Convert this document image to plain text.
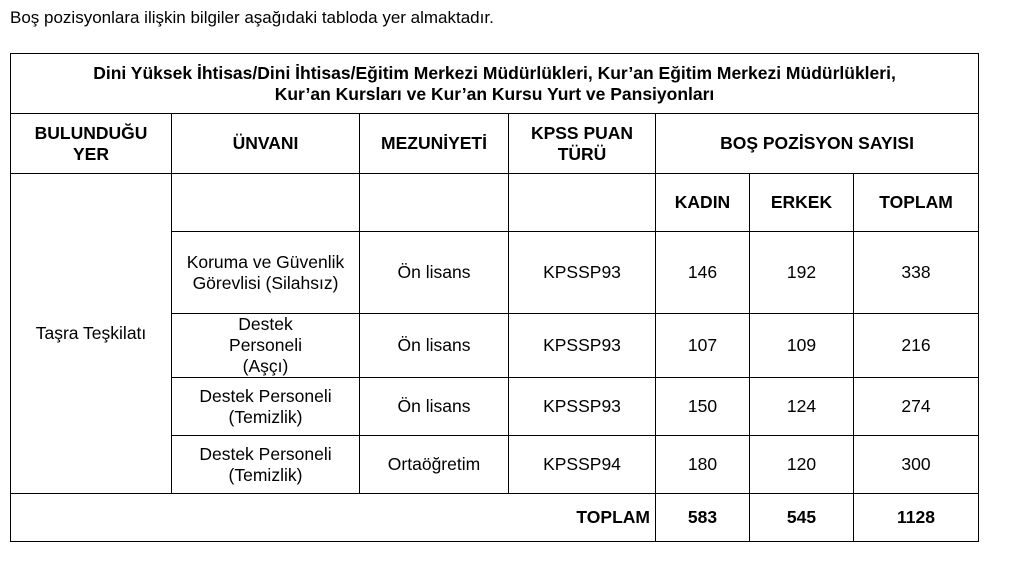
Boş pozisyonlara ilişkin bilgiler aşağıdaki tabloda yer almaktadır.
Dini Yüksek İhtisas/Dini İhtisas/Eğitim Merkezi Müdürlükleri, Kur’an Eğitim Merkezi Müdürlükleri,
Kur’an Kursları ve Kur’an Kursu Yurt ve Pansiyonları						

BULUNDUĞU YER	ÜNVANI	MEZUNİYETİ	KPSS PUAN TÜRÜ	BOŞ POZİSYON SAYISI		
Taşra Teşkilatı				KADIN	ERKEK	TOPLAM
	Koruma ve Güvenlik Görevlisi (Silahsız)	Ön lisans	KPSSP93	146	192	338
	Destek Personeli (Aşçı)	Ön lisans	KPSSP93	107	109	216
	Destek Personeli (Temizlik)	Ön lisans	KPSSP93	150	124	274
	Destek Personeli (Temizlik)	Ortaöğretim	KPSSP94	180	120	300
TOPLAM				583	545	1128
